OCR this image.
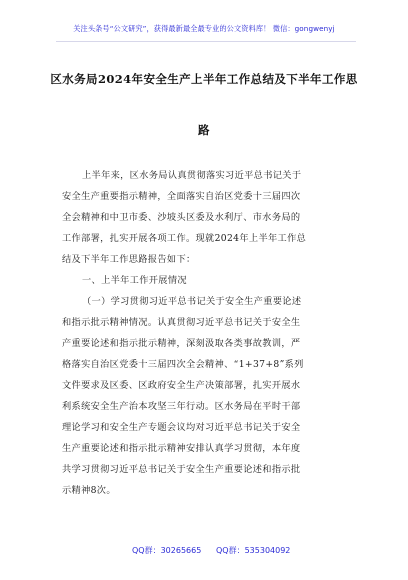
关注头条号“公文研究”，获得最新最全最专业的公文资料库！ 微信：gongwenyj
区水务局2024年安全生产上半年工作总结及下半年工作思
路
上半年来，区水务局认真贯彻落实习近平总书记关于
安全生产重要指示精神，全面落实自治区党委十三届四次
全会精神和中卫市委、沙坡头区委及水利厅、市水务局的
工作部署，扎实开展各项工作。现就2024年上半年工作总
结及下半年工作思路报告如下：
一、上半年工作开展情况
（一）学习贯彻习近平总书记关于安全生产重要论述
和指示批示精神情况。认真贯彻习近平总书记关于安全生
产重要论述和指示批示精神，深刻汲取各类事故教训，严
格落实自治区党委十三届四次全会精神、“1+37+8”系列
文件要求及区委、区政府安全生产决策部署，扎实开展水
利系统安全生产治本攻坚三年行动。区水务局在平时干部
理论学习和安全生产专题会议均对习近平总书记关于安全
生产重要论述和指示批示精神安排认真学习贯彻，本年度
共学习贯彻习近平总书记关于安全生产重要论述和指示批
示精神8次。
QQ群：30265665 QQ群：535304092
